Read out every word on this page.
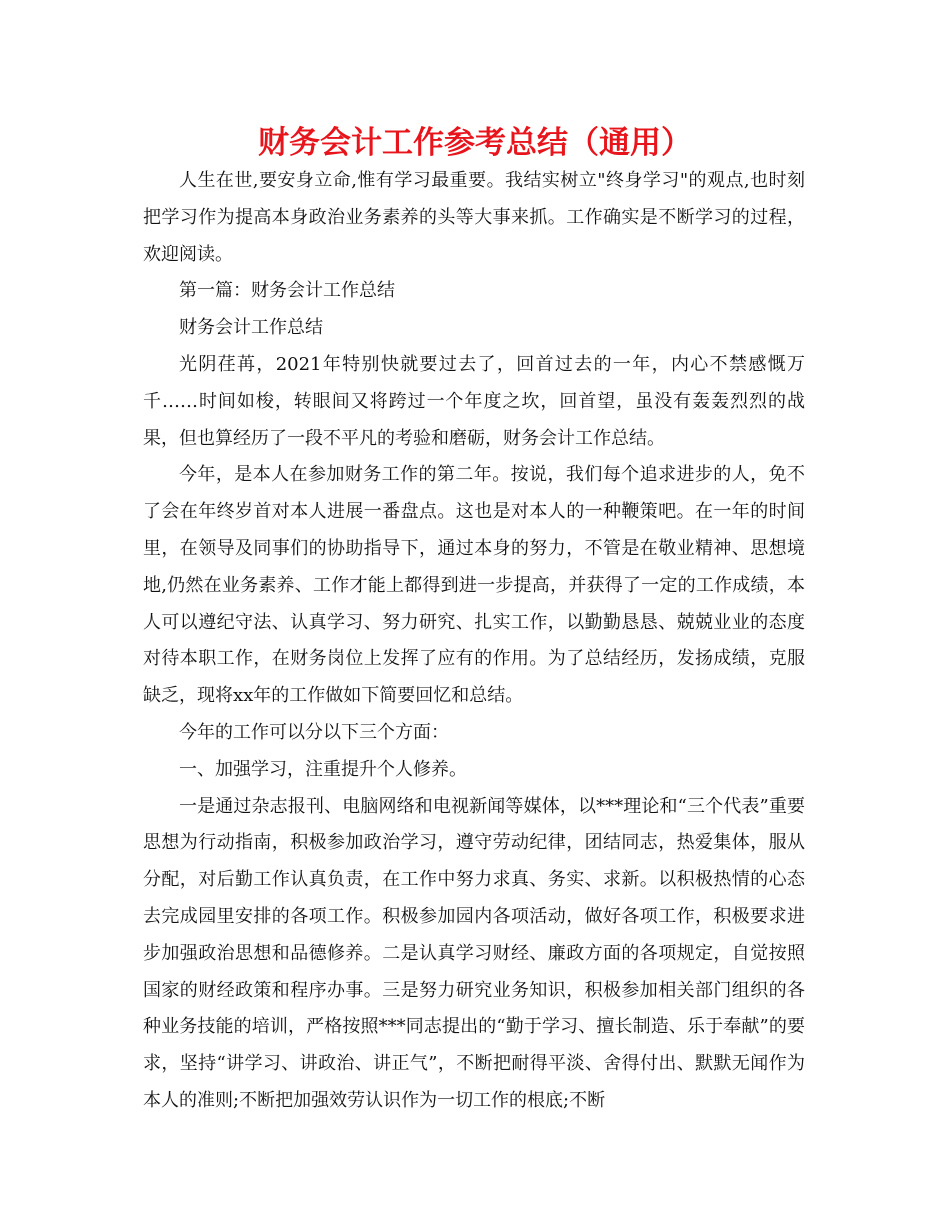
财务会计工作参考总结（通用）

人生在世,要安身立命,惟有学习最重要。我结实树立"终身学习"的观点,也时刻把学习作为提高本身政治业务素养的头等大事来抓。工作确实是不断学习的过程，欢迎阅读。

第一篇：财务会计工作总结

财务会计工作总结

光阴荏苒，2021年特别快就要过去了，回首过去的一年，内心不禁感慨万千……时间如梭，转眼间又将跨过一个年度之坎，回首望，虽没有轰轰烈烈的战果，但也算经历了一段不平凡的考验和磨砺，财务会计工作总结。

今年，是本人在参加财务工作的第二年。按说，我们每个追求进步的人，免不了会在年终岁首对本人进展一番盘点。这也是对本人的一种鞭策吧。在一年的时间里，在领导及同事们的协助指导下，通过本身的努力，不管是在敬业精神、思想境地,仍然在业务素养、工作才能上都得到进一步提高，并获得了一定的工作成绩，本人可以遵纪守法、认真学习、努力研究、扎实工作，以勤勤恳恳、兢兢业业的态度对待本职工作，在财务岗位上发挥了应有的作用。为了总结经历，发扬成绩，克服缺乏，现将xx年的工作做如下简要回忆和总结。

今年的工作可以分以下三个方面：

一、加强学习，注重提升个人修养。

一是通过杂志报刊、电脑网络和电视新闻等媒体，以***理论和“三个代表”重要思想为行动指南，积极参加政治学习，遵守劳动纪律，团结同志，热爱集体，服从分配，对后勤工作认真负责，在工作中努力求真、务实、求新。以积极热情的心态去完成园里安排的各项工作。积极参加园内各项活动，做好各项工作，积极要求进步加强政治思想和品德修养。二是认真学习财经、廉政方面的各项规定，自觉按照国家的财经政策和程序办事。三是努力研究业务知识，积极参加相关部门组织的各种业务技能的培训，严格按照***同志提出的“勤于学习、擅长制造、乐于奉献”的要求，坚持“讲学习、讲政治、讲正气”，不断把耐得平淡、舍得付出、默默无闻作为本人的准则;不断把加强效劳认识作为一切工作的根底;不断
